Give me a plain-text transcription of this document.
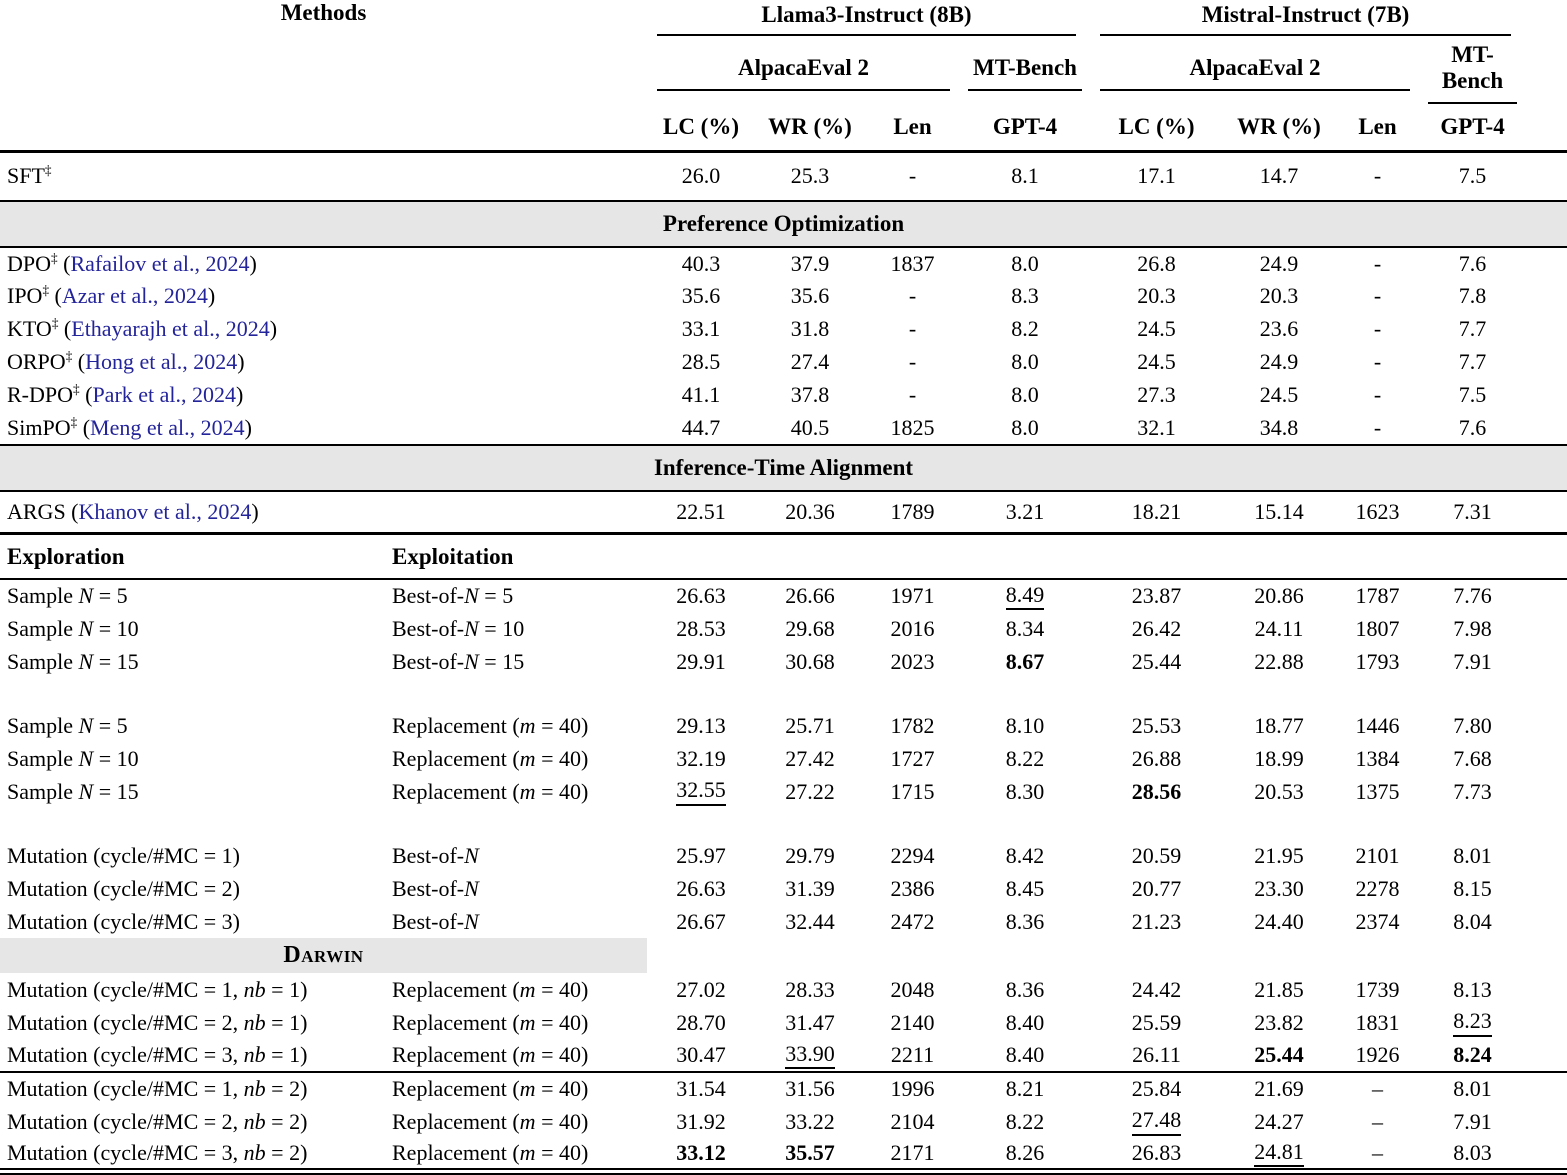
Methods		Llama3-Instruct (8B)				Mistral-Instruct (7B)			

		AlpacaEval 2			MT-Bench	AlpacaEval 2			MT-Bench

		LC (%)	WR (%)	Len	GPT-4	LC (%)	WR (%)	Len	GPT-4
SFT‡		26.0	25.3	-	8.1	17.1	14.7	-	7.5
Preference Optimization									
DPO‡ (Rafailov et al., 2024)		40.3	37.9	1837	8.0	26.8	24.9	-	7.6
IPO‡ (Azar et al., 2024)		35.6	35.6	-	8.3	20.3	20.3	-	7.8
KTO‡ (Ethayarajh et al., 2024)		33.1	31.8	-	8.2	24.5	23.6	-	7.7
ORPO‡ (Hong et al., 2024)		28.5	27.4	-	8.0	24.5	24.9	-	7.7
R-DPO‡ (Park et al., 2024)		41.1	37.8	-	8.0	27.3	24.5	-	7.5
SimPO‡ (Meng et al., 2024)		44.7	40.5	1825	8.0	32.1	34.8	-	7.6
Inference-Time Alignment									
ARGS (Khanov et al., 2024)		22.51	20.36	1789	3.21	18.21	15.14	1623	7.31
Exploration	Exploitation								
Sample N = 5	Best-of-N = 5	26.63	26.66	1971	8.49	23.87	20.86	1787	7.76
Sample N = 10	Best-of-N = 10	28.53	29.68	2016	8.34	26.42	24.11	1807	7.98
Sample N = 15	Best-of-N = 15	29.91	30.68	2023	8.67	25.44	22.88	1793	7.91

Sample N = 5	Replacement (m = 40)	29.13	25.71	1782	8.10	25.53	18.77	1446	7.80
Sample N = 10	Replacement (m = 40)	32.19	27.42	1727	8.22	26.88	18.99	1384	7.68
Sample N = 15	Replacement (m = 40)	32.55	27.22	1715	8.30	28.56	20.53	1375	7.73

Mutation (cycle/#MC = 1)	Best-of-N	25.97	29.79	2294	8.42	20.59	21.95	2101	8.01
Mutation (cycle/#MC = 2)	Best-of-N	26.63	31.39	2386	8.45	20.77	23.30	2278	8.15
Mutation (cycle/#MC = 3)	Best-of-N	26.67	32.44	2472	8.36	21.23	24.40	2374	8.04
Darwin									
Mutation (cycle/#MC = 1, nb = 1)	Replacement (m = 40)	27.02	28.33	2048	8.36	24.42	21.85	1739	8.13
Mutation (cycle/#MC = 2, nb = 1)	Replacement (m = 40)	28.70	31.47	2140	8.40	25.59	23.82	1831	8.23
Mutation (cycle/#MC = 3, nb = 1)	Replacement (m = 40)	30.47	33.90	2211	8.40	26.11	25.44	1926	8.24
Mutation (cycle/#MC = 1, nb = 2)	Replacement (m = 40)	31.54	31.56	1996	8.21	25.84	21.69	–	8.01
Mutation (cycle/#MC = 2, nb = 2)	Replacement (m = 40)	31.92	33.22	2104	8.22	27.48	24.27	–	7.91
Mutation (cycle/#MC = 3, nb = 2)	Replacement (m = 40)	33.12	35.57	2171	8.26	26.83	24.81	–	8.03
